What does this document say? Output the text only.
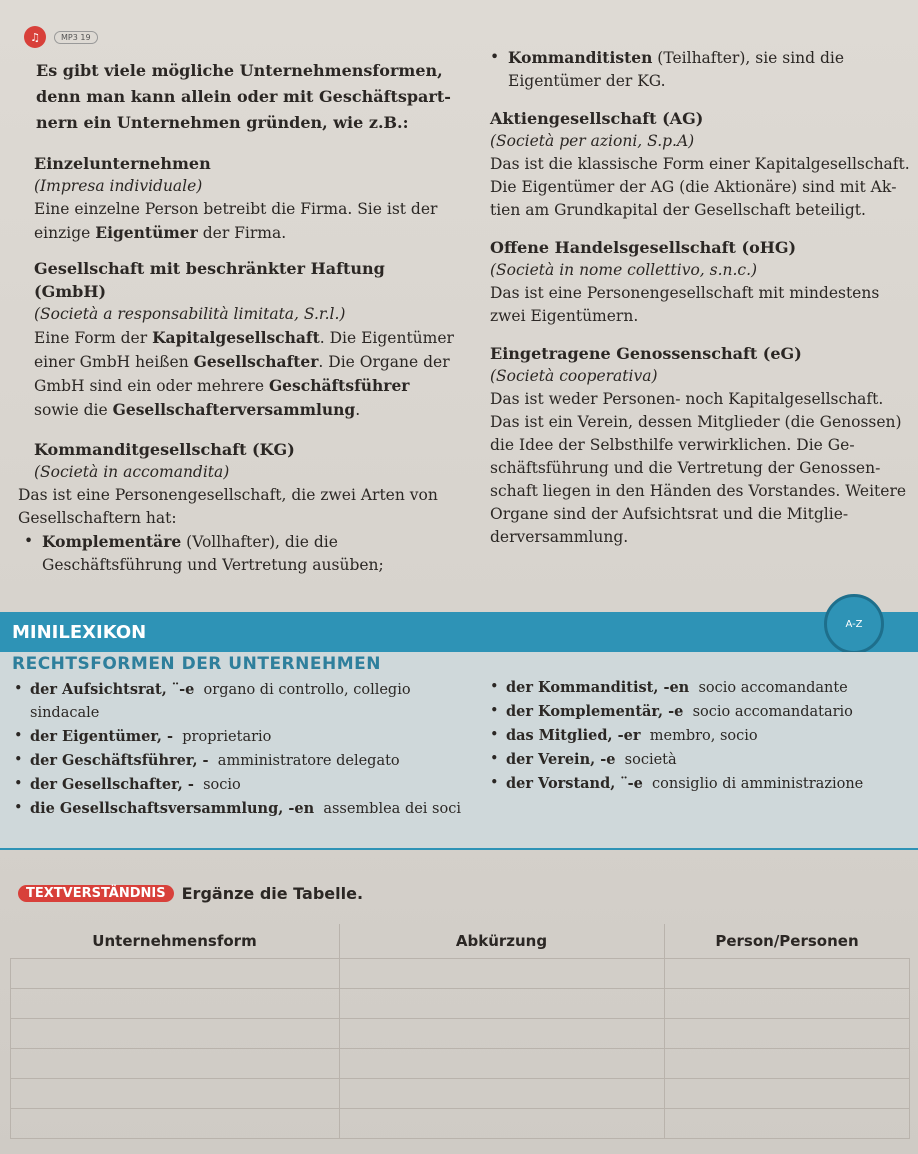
♫	MP3 19

Es gibt viele mögliche Unternehmensformen, denn man kann allein oder mit Geschäftspartnern ein Unternehmen gründen, wie z.B.:

Einzelunternehmen

(Impresa individuale)

Eine einzelne Person betreibt die Firma. Sie ist der einzige Eigentümer der Firma.

Gesellschaft mit beschränkter Haftung (GmbH)

(Società a responsabilità limitata, S.r.l.)

Eine Form der Kapitalgesellschaft. Die Eigentümer einer GmbH heißen Gesellschafter. Die Organe der GmbH sind ein oder mehrere Geschäftsführer sowie die Gesellschafterversammlung.

Kommanditgesellschaft (KG)

(Società in accomandita)

Das ist eine Personengesellschaft, die zwei Arten von Gesellschaftern hat:

• Komplementäre (Vollhafter), die die Geschäftsführung und Vertretung ausüben;

• Kommanditisten (Teilhafter), sie sind die Eigentümer der KG.

Aktiengesellschaft (AG)

(Società per azioni, S.p.A)

Das ist die klassische Form einer Kapitalgesellschaft. Die Eigentümer der AG (die Aktionäre) sind mit Aktien am Grundkapital der Gesellschaft beteiligt.

Offene Handelsgesellschaft (oHG)

(Società in nome collettivo, s.n.c.)

Das ist eine Personengesellschaft mit mindestens zwei Eigentümern.

Eingetragene Genossenschaft (eG)

(Società cooperativa)

Das ist weder Personen- noch Kapitalgesellschaft. Das ist ein Verein, dessen Mitglieder (die Genossen) die Idee der Selbsthilfe verwirklichen. Die Geschäftsführung und die Vertretung der Genossenschaft liegen in den Händen des Vorstandes. Weitere Organe sind der Aufsichtsrat und die Mitgliederversammlung.

MINILEXIKON	A-Z
RECHTSFORMEN DER UNTERNEHMEN
• der Aufsichtsrat, ¨-e organo di controllo, collegio sindacale
• der Eigentümer, - proprietario
• der Geschäftsführer, - amministratore delegato
• der Gesellschafter, - socio
• die Gesellschaftsversammlung, -en assemblea dei soci
• der Kommanditist, -en socio accomandante
• der Komplementär, -e socio accomandatario
• das Mitglied, -er membro, socio
• der Verein, -e società
• der Vorstand, ¨-e consiglio di amministrazione
TEXTVERSTÄNDNIS	Ergänze die Tabelle.
Unternehmensform	Abkürzung	Person/Personen
